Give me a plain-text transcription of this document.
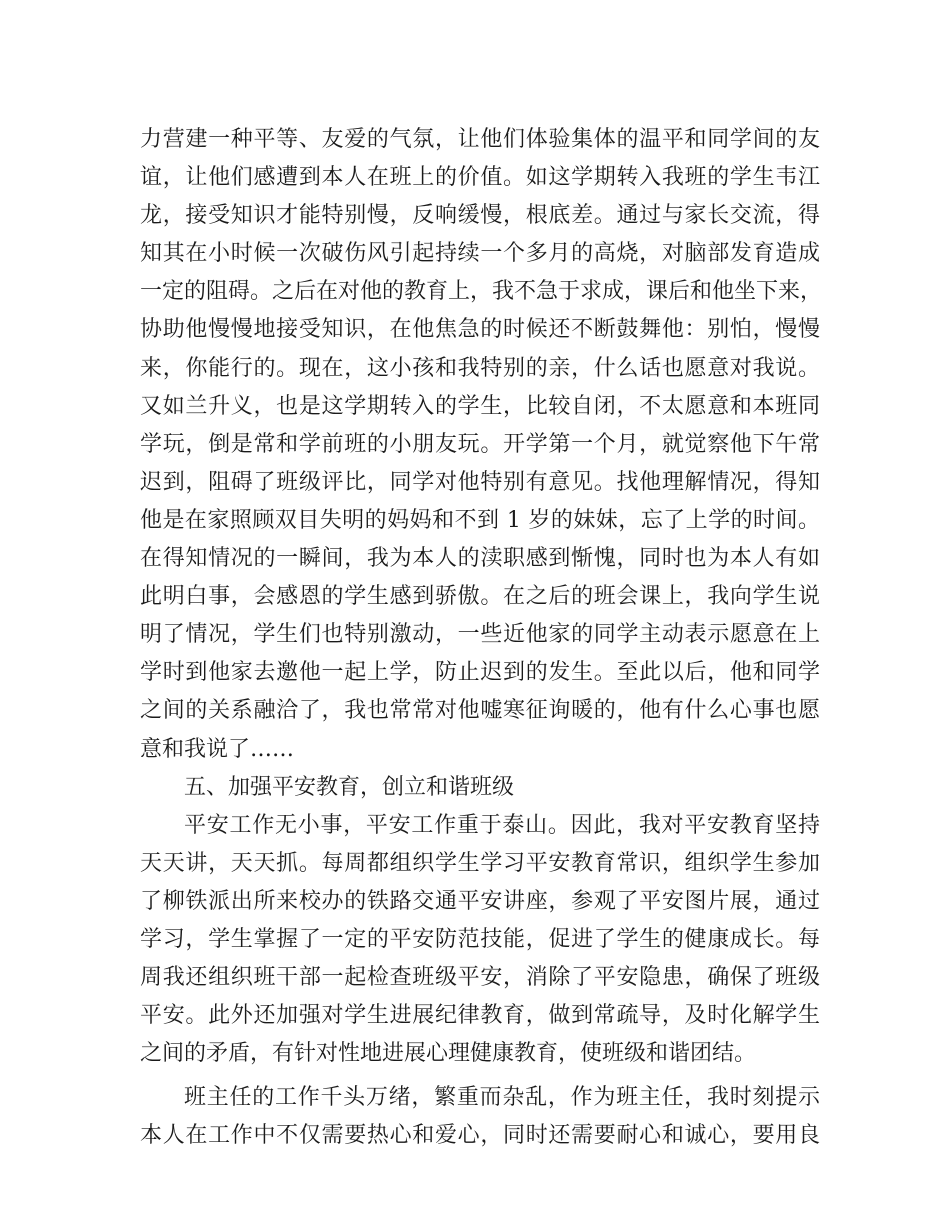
力营建一种平等、友爱的气氛，让他们体验集体的温平和同学间的友
谊，让他们感遭到本人在班上的价值。如这学期转入我班的学生韦江
龙，接受知识才能特别慢，反响缓慢，根底差。通过与家长交流，得
知其在小时候一次破伤风引起持续一个多月的高烧，对脑部发育造成
一定的阻碍。之后在对他的教育上，我不急于求成，课后和他坐下来，
协助他慢慢地接受知识，在他焦急的时候还不断鼓舞他：别怕，慢慢
来，你能行的。现在，这小孩和我特别的亲，什么话也愿意对我说。
又如兰升义，也是这学期转入的学生，比较自闭，不太愿意和本班同
学玩，倒是常和学前班的小朋友玩。开学第一个月，就觉察他下午常
迟到，阻碍了班级评比，同学对他特别有意见。找他理解情况，得知
他是在家照顾双目失明的妈妈和不到 1 岁的妹妹，忘了上学的时间。
在得知情况的一瞬间，我为本人的渎职感到惭愧，同时也为本人有如
此明白事，会感恩的学生感到骄傲。在之后的班会课上，我向学生说
明了情况，学生们也特别激动，一些近他家的同学主动表示愿意在上
学时到他家去邀他一起上学，防止迟到的发生。至此以后，他和同学
之间的关系融洽了，我也常常对他嘘寒征询暖的，他有什么心事也愿
意和我说了……
五、加强平安教育，创立和谐班级
平安工作无小事，平安工作重于泰山。因此，我对平安教育坚持
天天讲，天天抓。每周都组织学生学习平安教育常识，组织学生参加
了柳铁派出所来校办的铁路交通平安讲座，参观了平安图片展，通过
学习，学生掌握了一定的平安防范技能，促进了学生的健康成长。每
周我还组织班干部一起检查班级平安，消除了平安隐患，确保了班级
平安。此外还加强对学生进展纪律教育，做到常疏导，及时化解学生
之间的矛盾，有针对性地进展心理健康教育，使班级和谐团结。
班主任的工作千头万绪，繁重而杂乱，作为班主任，我时刻提示
本人在工作中不仅需要热心和爱心，同时还需要耐心和诚心，要用良
